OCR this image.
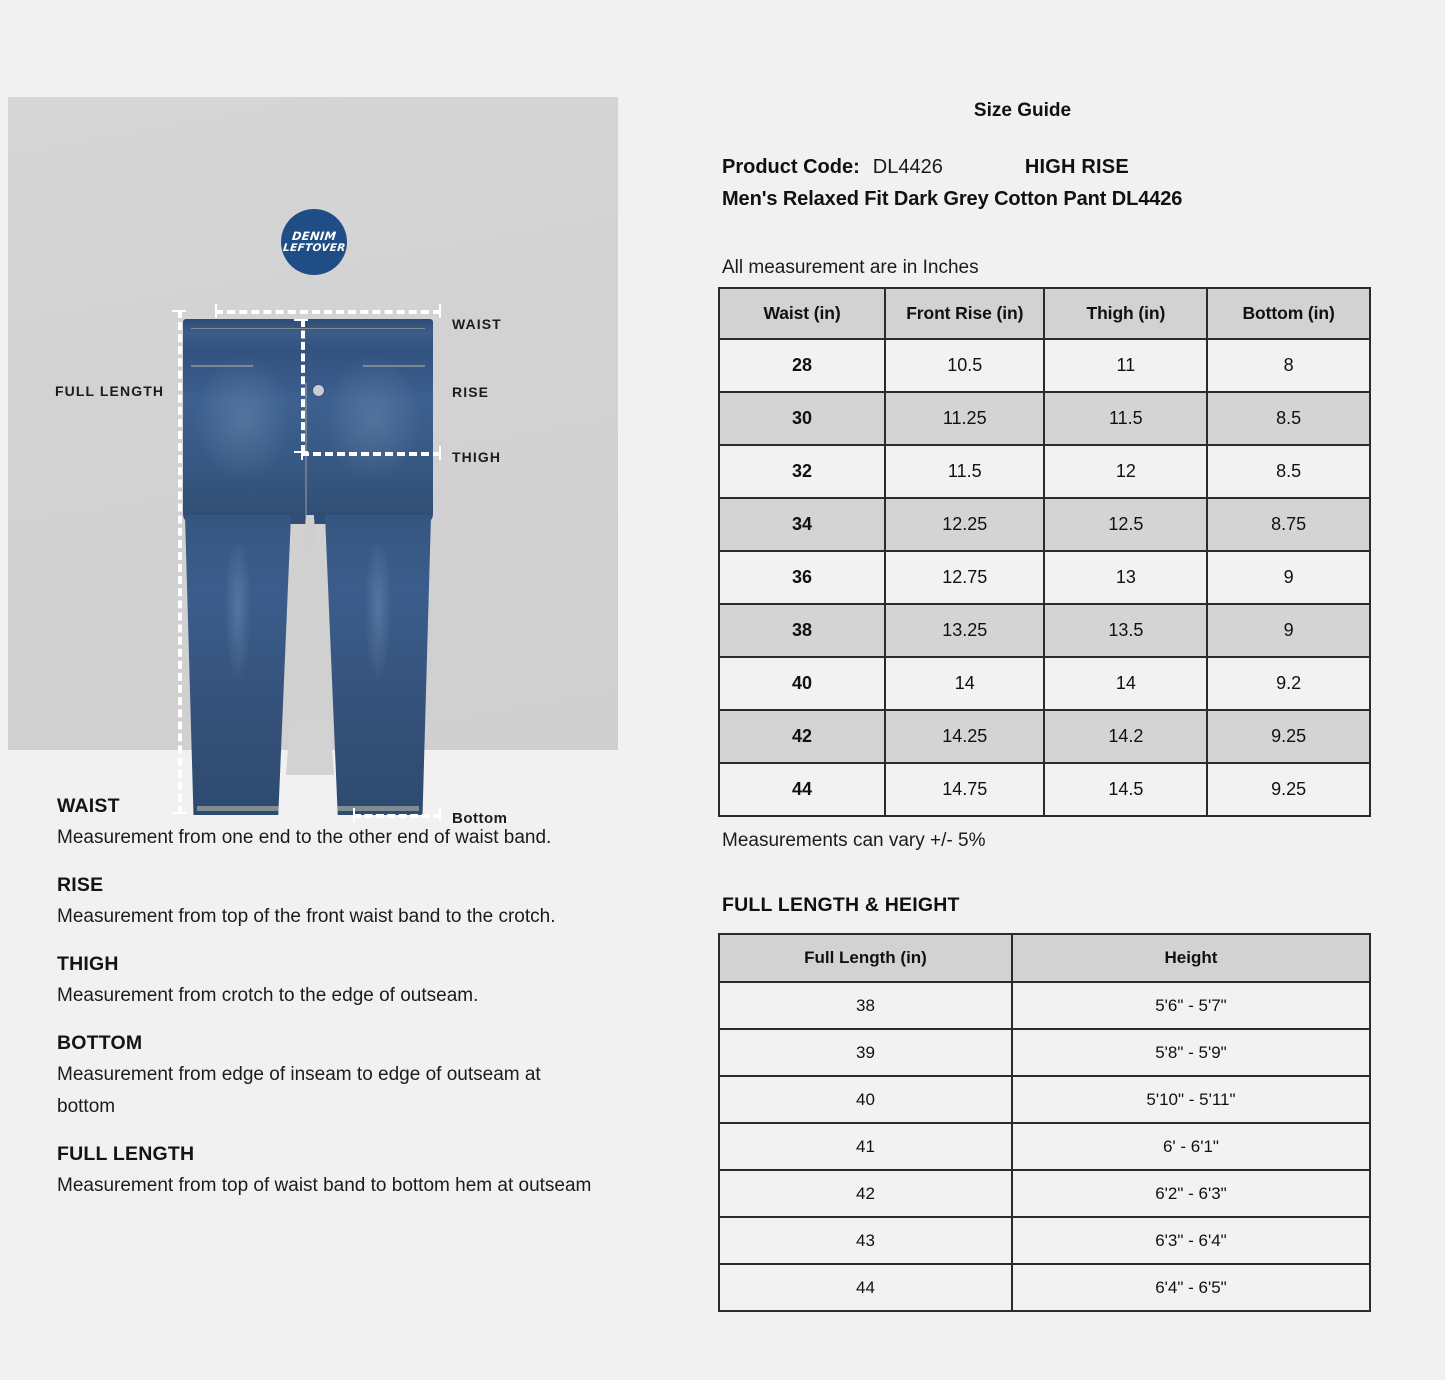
DENIM
LEFTOVER
FULL LENGTH
WAIST
RISE
THIGH
Bottom
WAIST
Measurement from one end to the other end of waist band.
RISE
Measurement from top of the front waist band to the crotch.
THIGH
Measurement from crotch to the edge of outseam.
BOTTOM
Measurement from edge of inseam to edge of outseam at bottom
FULL LENGTH
Measurement from top of waist band to bottom hem at outseam
Size Guide
Product Code: DL4426	HIGH RISE
Men's Relaxed Fit Dark Grey Cotton Pant DL4426
All measurement are in Inches
Waist (in)	Front Rise (in)	Thigh (in)	Bottom (in)
28	10.5	11	8
30	11.25	11.5	8.5
32	11.5	12	8.5
34	12.25	12.5	8.75
36	12.75	13	9
38	13.25	13.5	9
40	14	14	9.2
42	14.25	14.2	9.25
44	14.75	14.5	9.25
Measurements can vary +/- 5%
FULL LENGTH & HEIGHT
Full Length (in)	Height
38	5'6" - 5'7"
39	5'8" - 5'9"
40	5'10" - 5'11"
41	6' - 6'1"
42	6'2" - 6'3"
43	6'3" - 6'4"
44	6'4" - 6'5"
